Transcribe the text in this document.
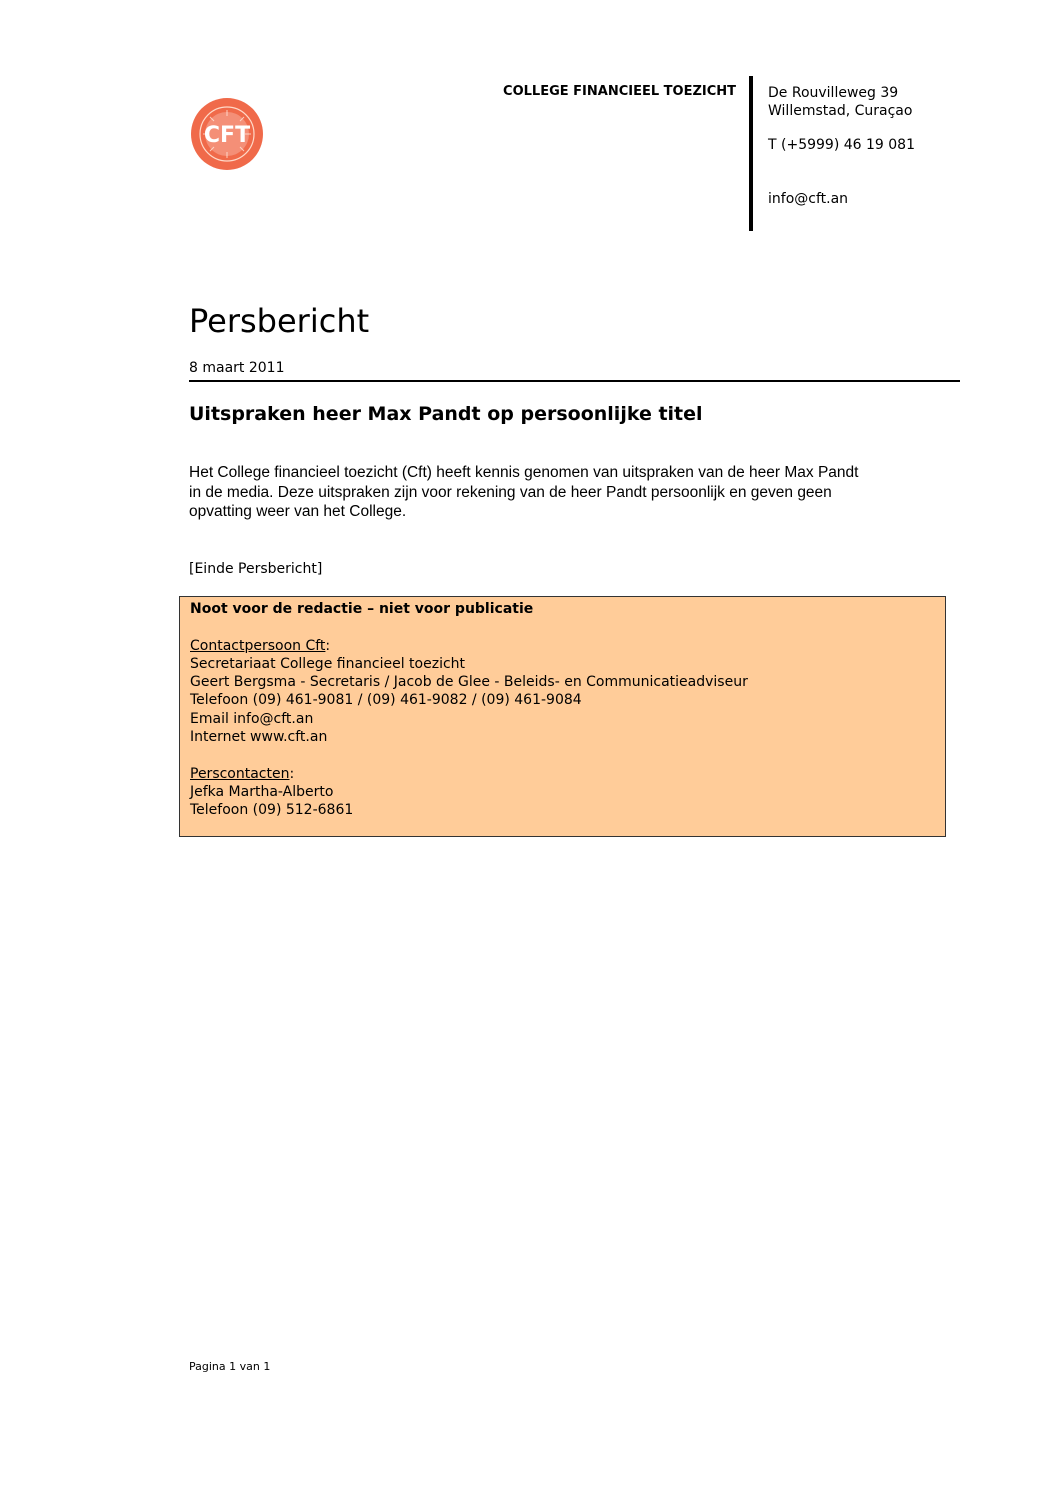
CFT
COLLEGE FINANCIEEL TOEZICHT De Rouvilleweg 39
Willemstad, Curaçao
T (+5999) 46 19 081
info@cft.an
Persbericht
8 maart 2011
Uitspraken heer Max Pandt op persoonlijke titel
Het College financieel toezicht (Cft) heeft kennis genomen van uitspraken van de heer Max Pandt
in de media. Deze uitspraken zijn voor rekening van de heer Pandt persoonlijk en geven geen
opvatting weer van het College.
[Einde Persbericht]
Noot voor de redactie – niet voor publicatie
Contactpersoon Cft:
Secretariaat College financieel toezicht
Geert Bergsma - Secretaris / Jacob de Glee - Beleids- en Communicatieadviseur
Telefoon (09) 461-9081 / (09) 461-9082 / (09) 461-9084
Email info@cft.an
Internet www.cft.an
Perscontacten:
Jefka Martha-Alberto
Telefoon (09) 512-6861
Pagina 1 van 1
